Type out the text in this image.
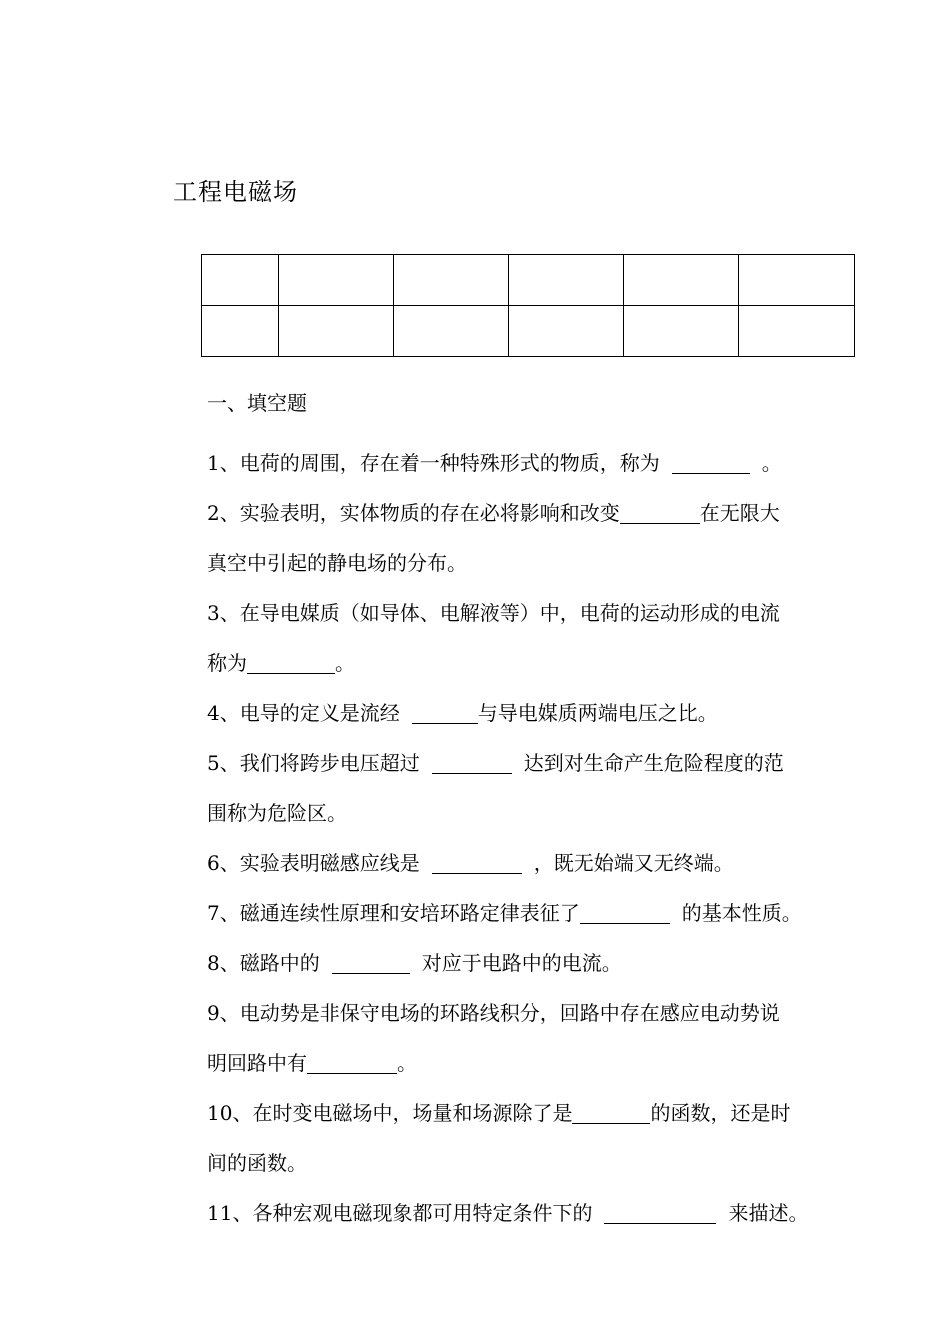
工程电磁场

一、填空题

1、电荷的周围，存在着一种特殊形式的物质，称为	。

2、实验表明，实体物质的存在必将影响和改变	在无限大
真空中引起的静电场的分布。

3、在导电媒质（如导体、电解液等）中，电荷的运动形成的电流
称为	。

4、电导的定义是流经	与导电媒质两端电压之比。

5、我们将跨步电压超过	达到对生命产生危险程度的范
围称为危险区。

6、实验表明磁感应线是	，既无始端又无终端。

7、磁通连续性原理和安培环路定律表征了	的基本性质。

8、磁路中的	对应于电路中的电流。

9、电动势是非保守电场的环路线积分，回路中存在感应电动势说
明回路中有	。

10、在时变电磁场中，场量和场源除了是	的函数，还是时
间的函数。

11、各种宏观电磁现象都可用特定条件下的	来描述。
